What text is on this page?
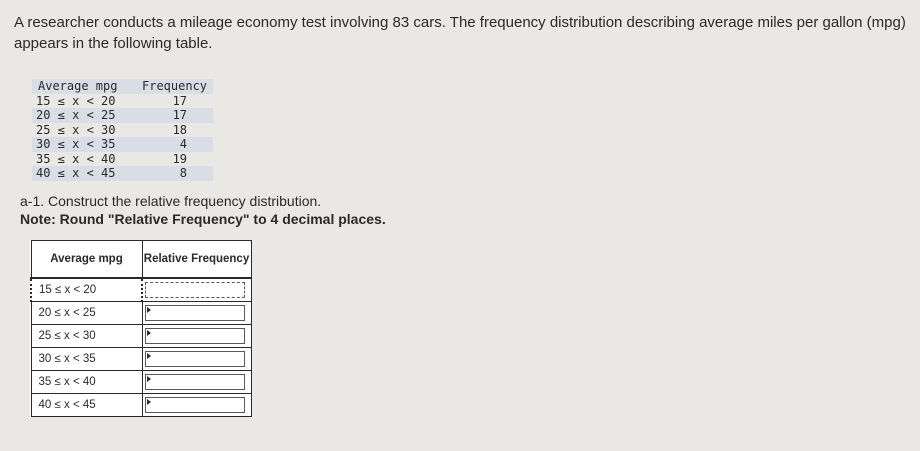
A researcher conducts a mileage economy test involving 83 cars. The frequency distribution describing average miles per gallon (mpg)
appears in the following table.
Average mpg	Frequency
15 ≤ x < 20	17
20 ≤ x < 25	17
25 ≤ x < 30	18
30 ≤ x < 35	4
35 ≤ x < 40	19
40 ≤ x < 45	8
a-1. Construct the relative frequency distribution.
Note: Round "Relative Frequency" to 4 decimal places.
Average mpg	Relative Frequency
15 ≤ x < 20	
20 ≤ x < 25	

25 ≤ x < 30	

30 ≤ x < 35	

35 ≤ x < 40	

40 ≤ x < 45	
